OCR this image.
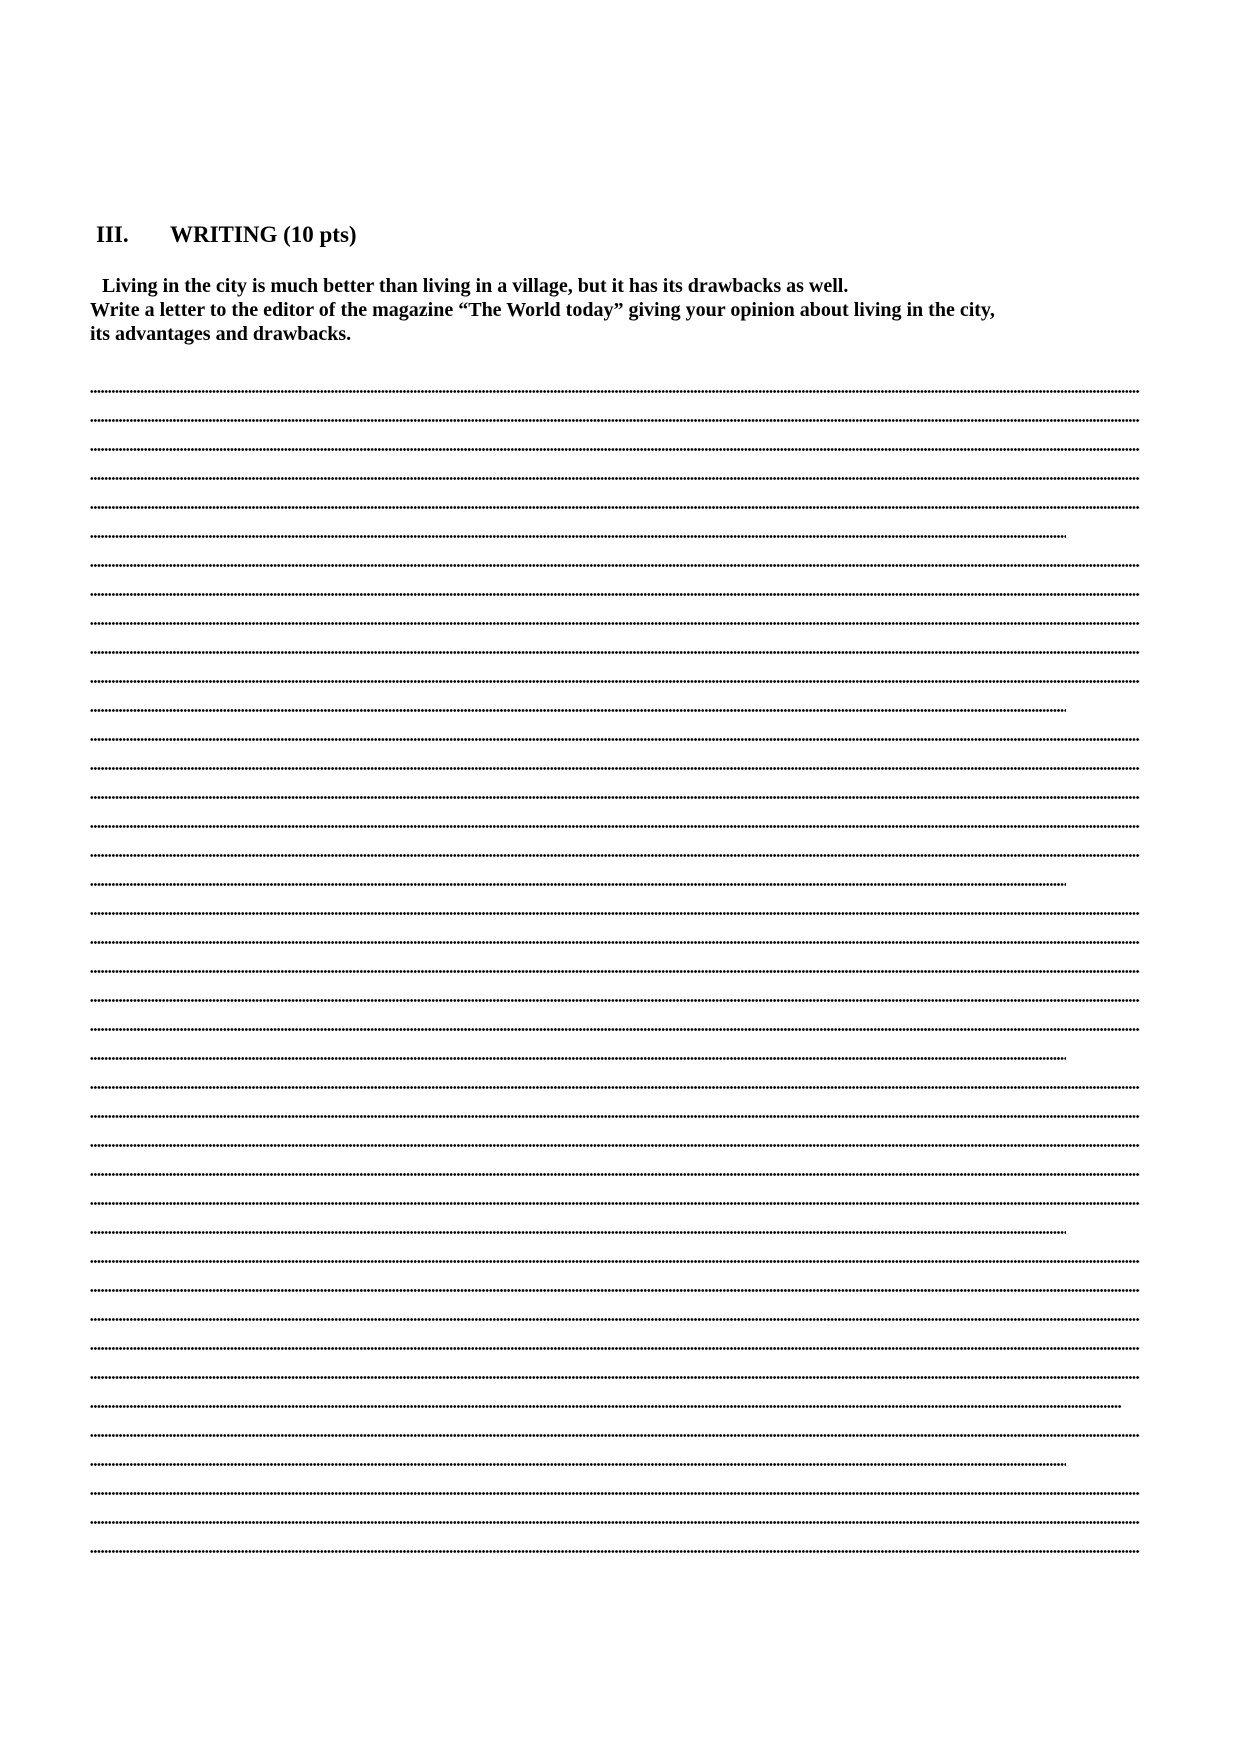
III. WRITING (10 pts)

Living in the city is much better than living in a village, but it has its drawbacks as well.

Write a letter to the editor of the magazine “The World today” giving your opinion about living in the city,

its advantages and drawbacks.
